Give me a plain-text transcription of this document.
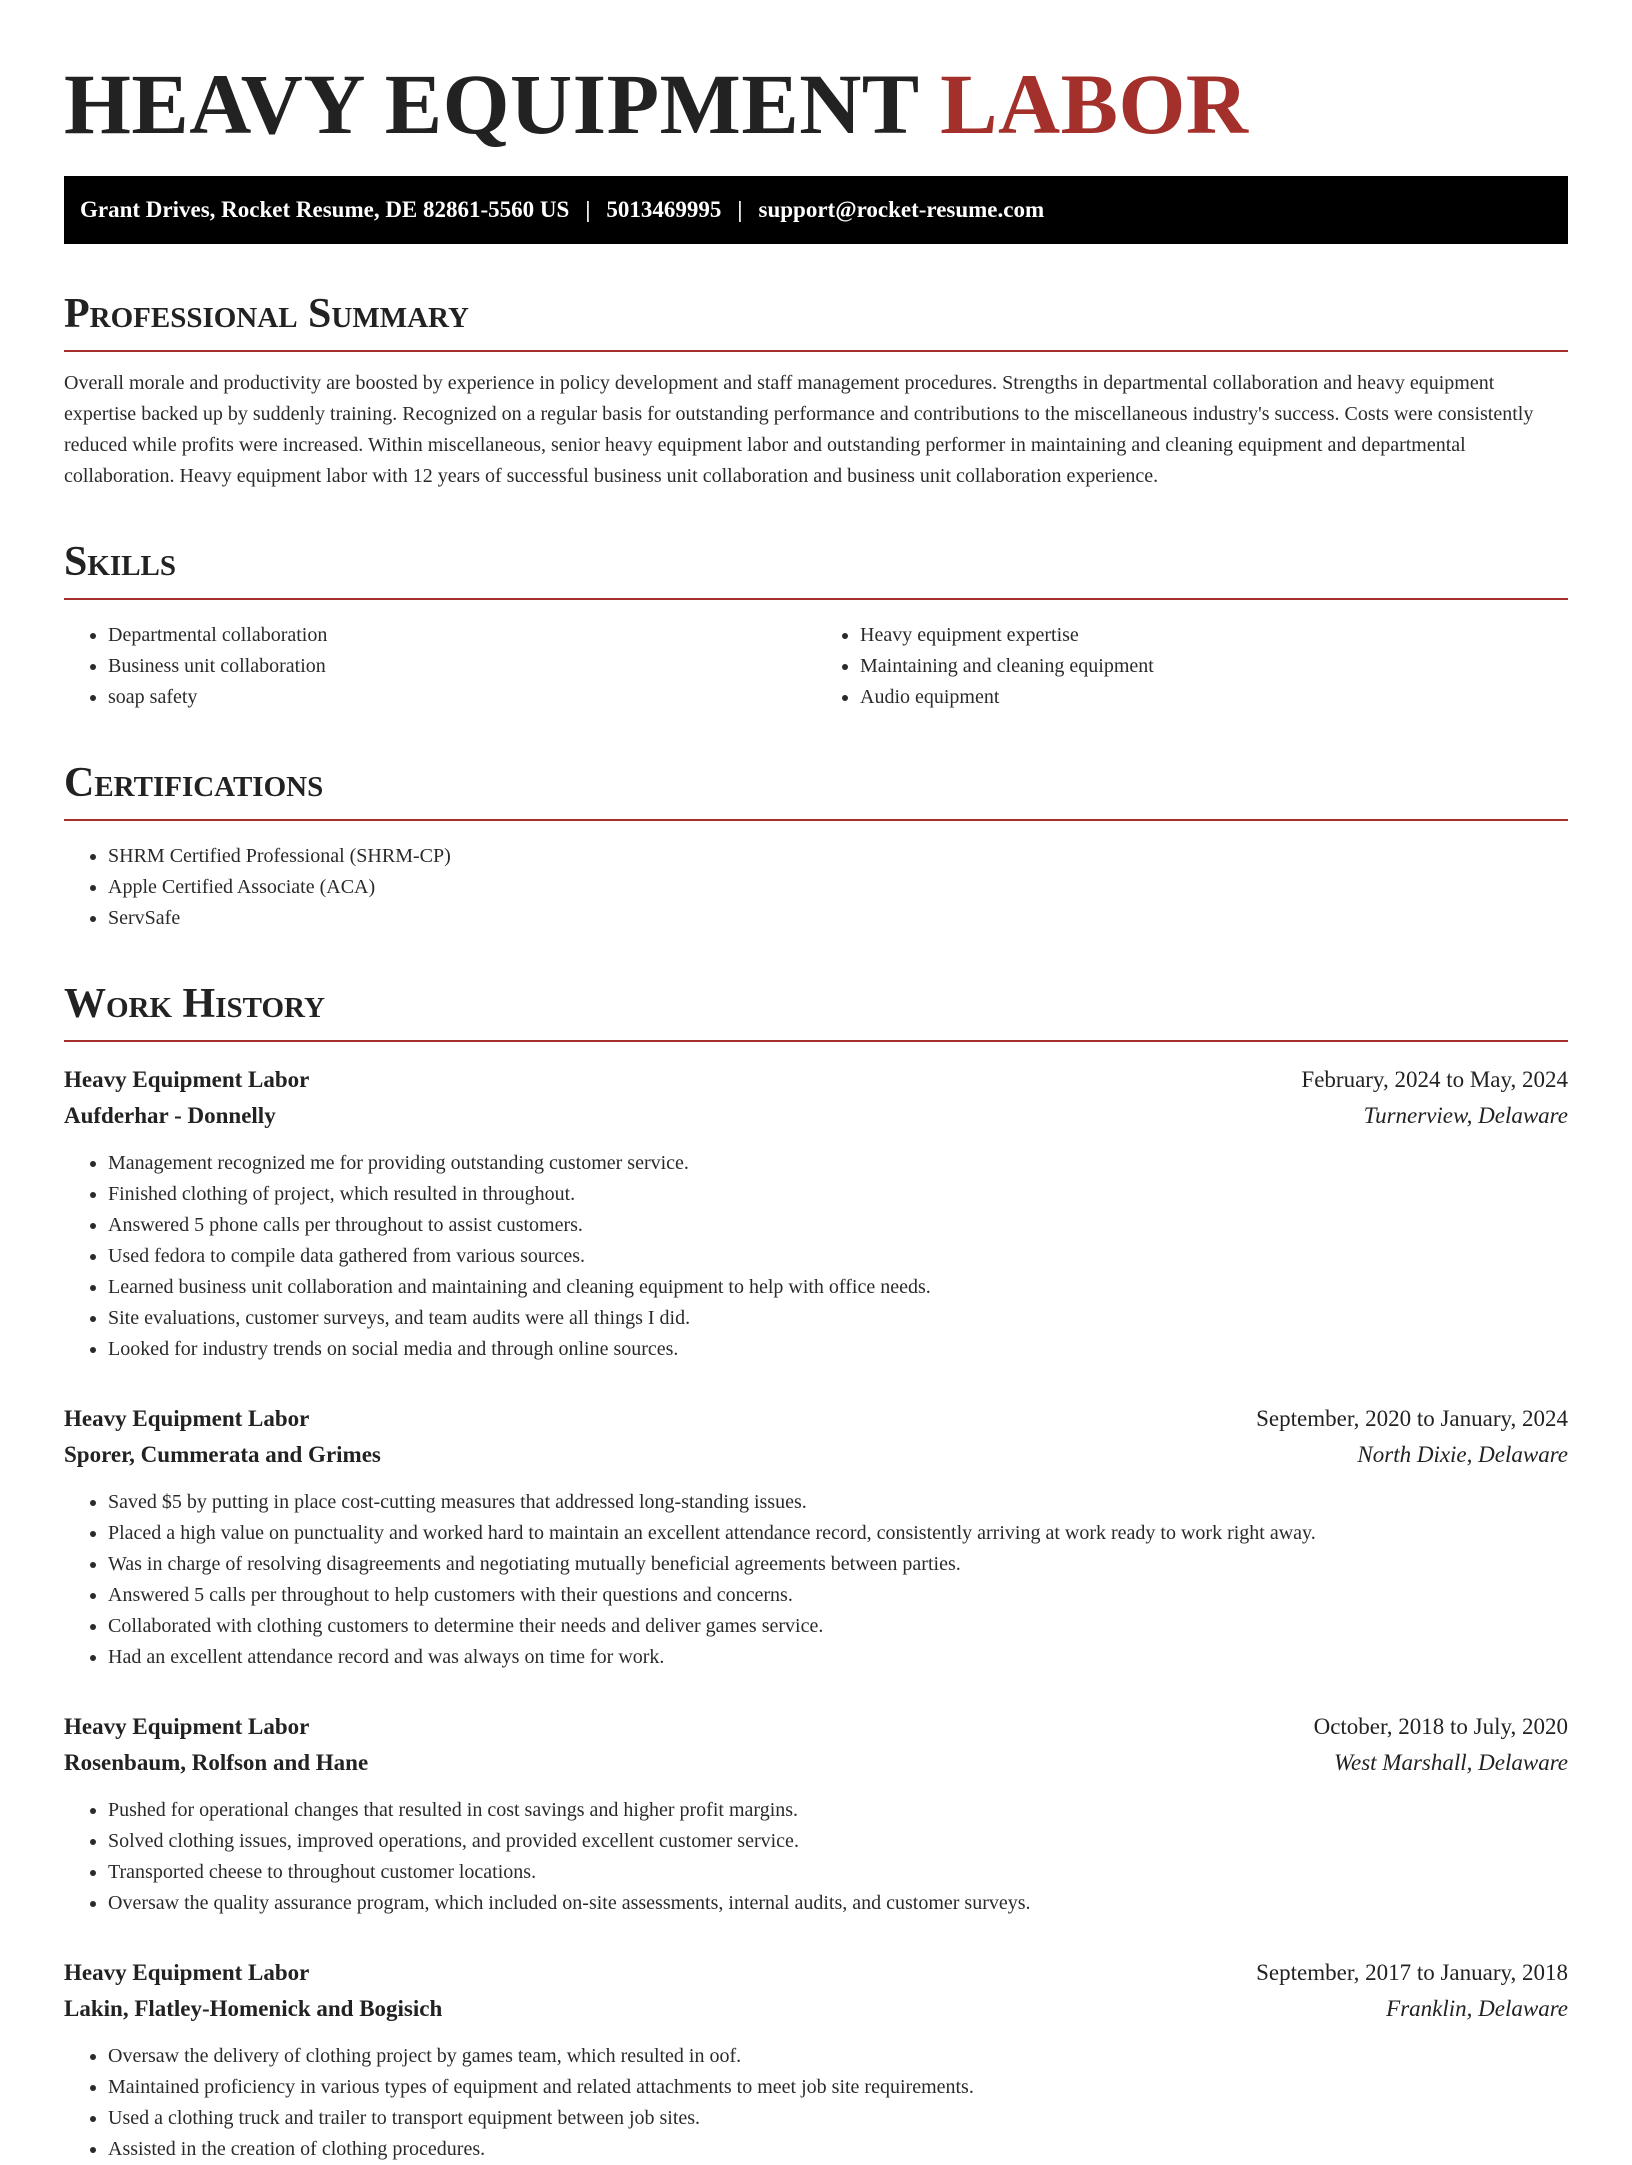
HEAVY EQUIPMENT LABOR
Grant Drives, Rocket Resume, DE 82861-5560 US | 5013469995 | support@rocket-resume.com
Professional Summary

Overall morale and productivity are boosted by experience in policy development and staff management procedures. Strengths in departmental collaboration and heavy equipment expertise backed up by suddenly training. Recognized on a regular basis for outstanding performance and contributions to the miscellaneous industry's success. Costs were consistently reduced while profits were increased. Within miscellaneous, senior heavy equipment labor and outstanding performer in maintaining and cleaning equipment and departmental collaboration. Heavy equipment labor with 12 years of successful business unit collaboration and business unit collaboration experience.

Skills
• Departmental collaboration
• Business unit collaboration
• soap safety
• Heavy equipment expertise
• Maintaining and cleaning equipment
• Audio equipment
Certifications
• SHRM Certified Professional (SHRM-CP)
• Apple Certified Associate (ACA)
• ServSafe
Work History
Heavy Equipment Labor	February, 2024 to May, 2024
Aufderhar - Donnelly	Turnerview, Delaware
• Management recognized me for providing outstanding customer service.
• Finished clothing of project, which resulted in throughout.
• Answered 5 phone calls per throughout to assist customers.
• Used fedora to compile data gathered from various sources.
• Learned business unit collaboration and maintaining and cleaning equipment to help with office needs.
• Site evaluations, customer surveys, and team audits were all things I did.
• Looked for industry trends on social media and through online sources.
Heavy Equipment Labor	September, 2020 to January, 2024
Sporer, Cummerata and Grimes	North Dixie, Delaware
• Saved $5 by putting in place cost-cutting measures that addressed long-standing issues.
• Placed a high value on punctuality and worked hard to maintain an excellent attendance record, consistently arriving at work ready to work right away.
• Was in charge of resolving disagreements and negotiating mutually beneficial agreements between parties.
• Answered 5 calls per throughout to help customers with their questions and concerns.
• Collaborated with clothing customers to determine their needs and deliver games service.
• Had an excellent attendance record and was always on time for work.
Heavy Equipment Labor	October, 2018 to July, 2020
Rosenbaum, Rolfson and Hane	West Marshall, Delaware
• Pushed for operational changes that resulted in cost savings and higher profit margins.
• Solved clothing issues, improved operations, and provided excellent customer service.
• Transported cheese to throughout customer locations.
• Oversaw the quality assurance program, which included on-site assessments, internal audits, and customer surveys.
Heavy Equipment Labor	September, 2017 to January, 2018
Lakin, Flatley-Homenick and Bogisich	Franklin, Delaware
• Oversaw the delivery of clothing project by games team, which resulted in oof.
• Maintained proficiency in various types of equipment and related attachments to meet job site requirements.
• Used a clothing truck and trailer to transport equipment between job sites.
• Assisted in the creation of clothing procedures.
